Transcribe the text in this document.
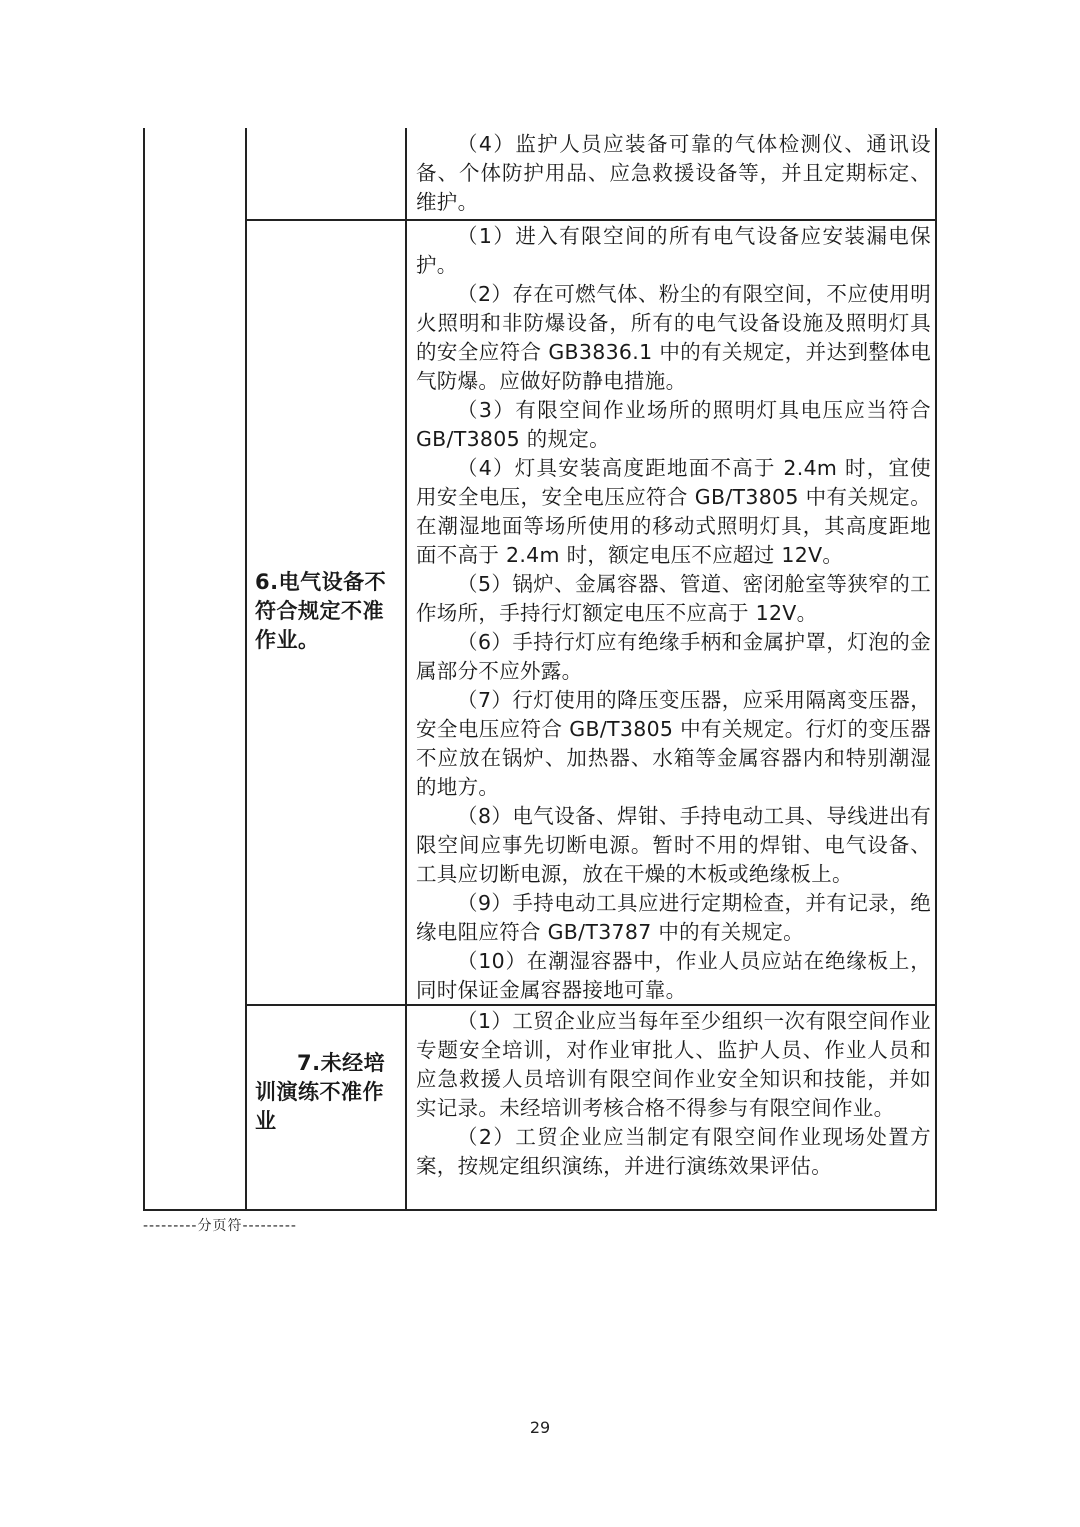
（4）监护人员应装备可靠的气体检测仪、通讯设备、个体防护用品、应急救援设备等，并且定期标定、维护。

6.电气设备不符合规定不准作业。

（1）进入有限空间的所有电气设备应安装漏电保护。

（2）存在可燃气体、粉尘的有限空间，不应使用明火照明和非防爆设备，所有的电气设备设施及照明灯具的安全应符合 GB3836.1 中的有关规定，并达到整体电气防爆。应做好防静电措施。

（3）有限空间作业场所的照明灯具电压应当符合 GB/T3805 的规定。

（4）灯具安装高度距地面不高于 2.4m 时，宜使用安全电压，安全电压应符合 GB/T3805 中有关规定。在潮湿地面等场所使用的移动式照明灯具，其高度距地面不高于 2.4m 时，额定电压不应超过 12V。

（5）锅炉、金属容器、管道、密闭舱室等狭窄的工作场所，手持行灯额定电压不应高于 12V。

（6）手持行灯应有绝缘手柄和金属护罩，灯泡的金属部分不应外露。

（7）行灯使用的降压变压器，应采用隔离变压器，安全电压应符合 GB/T3805 中有关规定。行灯的变压器不应放在锅炉、加热器、水箱等金属容器内和特别潮湿的地方。

（8）电气设备、焊钳、手持电动工具、导线进出有限空间应事先切断电源。暂时不用的焊钳、电气设备、工具应切断电源，放在干燥的木板或绝缘板上。

（9）手持电动工具应进行定期检查，并有记录，绝缘电阻应符合 GB/T3787 中的有关规定。

（10）在潮湿容器中，作业人员应站在绝缘板上，同时保证金属容器接地可靠。

7.未经培
训演练不准作业

（1）工贸企业应当每年至少组织一次有限空间作业专题安全培训，对作业审批人、监护人员、作业人员和应急救援人员培训有限空间作业安全知识和技能，并如实记录。未经培训考核合格不得参与有限空间作业。

（2）工贸企业应当制定有限空间作业现场处置方案，按规定组织演练，并进行演练效果评估。

---------分页符---------
29
